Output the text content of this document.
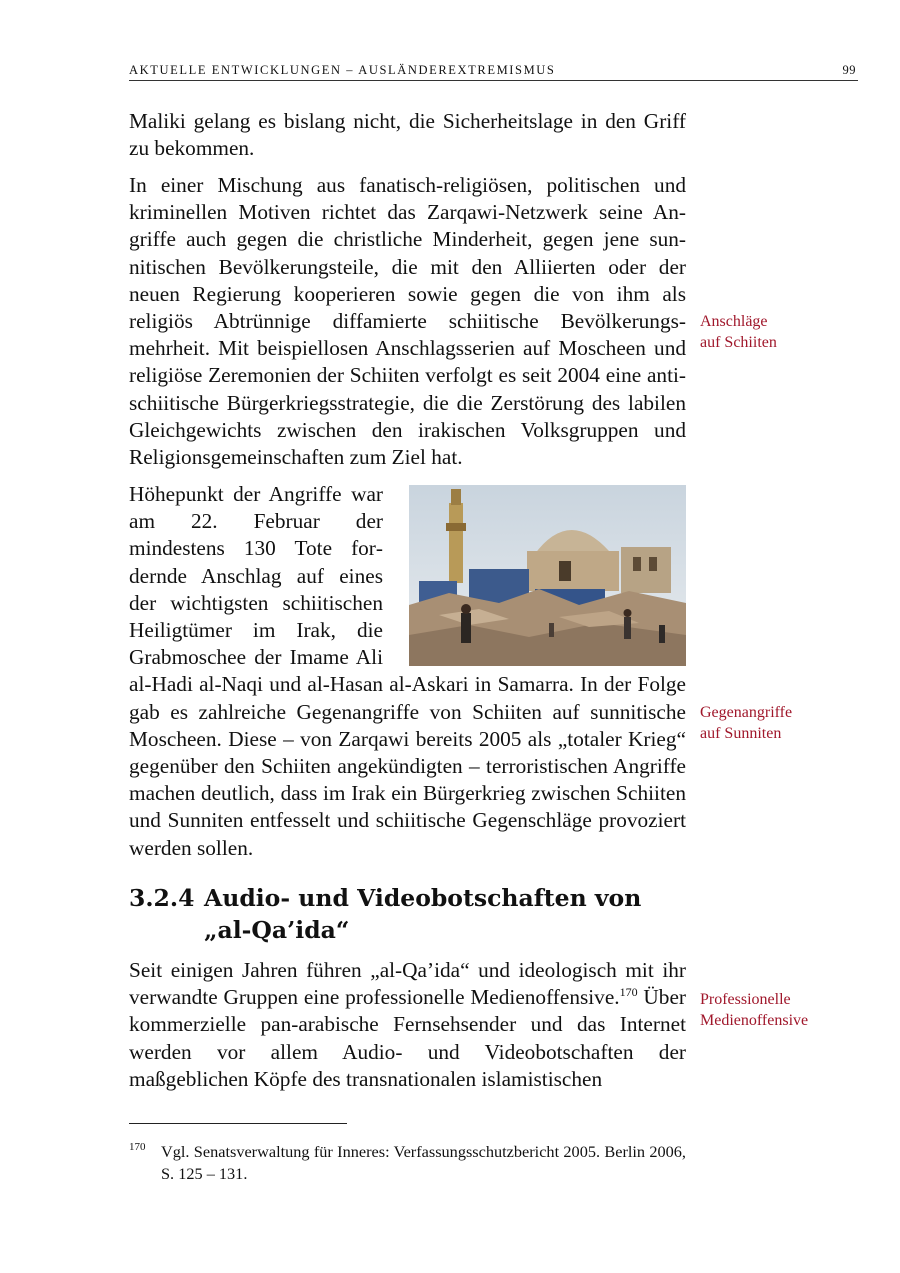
AKTUELLE ENTWICKLUNGEN – AUSLÄNDEREXTREMISMUS	99

Maliki gelang es bislang nicht, die Sicherheitslage in den Griff zu bekommen.

In einer Mischung aus fanatisch-religiösen, politischen und kriminellen Motiven richtet das Zarqawi-Netzwerk seine Angriffe auch gegen die christliche Minderheit, gegen jene sunnitischen Bevölkerungsteile, die mit den Alliierten oder der neuen Regierung kooperieren sowie gegen die von ihm als religiös Abtrünnige diffamierte schiitische Bevölkerungsmehrheit. Mit beispiellosen Anschlagsserien auf Moscheen und religiöse Zeremonien der Schiiten verfolgt es seit 2004 eine anti-schiitische Bürgerkriegsstrategie, die die Zerstörung des labilen Gleichgewichts zwischen den irakischen Volksgruppen und Religionsgemeinschaften zum Ziel hat.

Höhepunkt der Angriffe war am 22. Februar der mindestens 130 Tote fordernde Anschlag auf eines der wichtigsten schiitischen Heiligtümer im Irak, die Grabmoschee der Imame Ali al-Hadi al-Naqi und al-Hasan al-Askari in Samarra. In der Folge gab es zahlreiche Gegenangriffe von Schiiten auf sunnitische Moscheen. Diese – von Zarqawi bereits 2005 als „totaler Krieg“ gegenüber den Schiiten angekündigten – terroristischen Angriffe machen deutlich, dass im Irak ein Bürgerkrieg zwischen Schiiten und Sunniten entfesselt und schiitische Gegenschläge provoziert werden sollen.

3.2.4 Audio- und Videobotschaften von
„al-Qa’ida“

Seit einigen Jahren führen „al-Qa’ida“ und ideologisch mit ihr verwandte Gruppen eine professionelle Medienoffensive.$^{170}$ Über kommerzielle pan-arabische Fernsehsender und das Internet werden vor allem Audio- und Videobotschaften der maßgeblichen Köpfe des transnationalen islamistischen

Anschläge
auf Schiiten
Gegenangriffe
auf Sunniten
Professionelle
Medienoffensive
170 Vgl. Senatsverwaltung für Inneres: Verfassungsschutzbericht 2005. Berlin 2006, S. 125 – 131.
